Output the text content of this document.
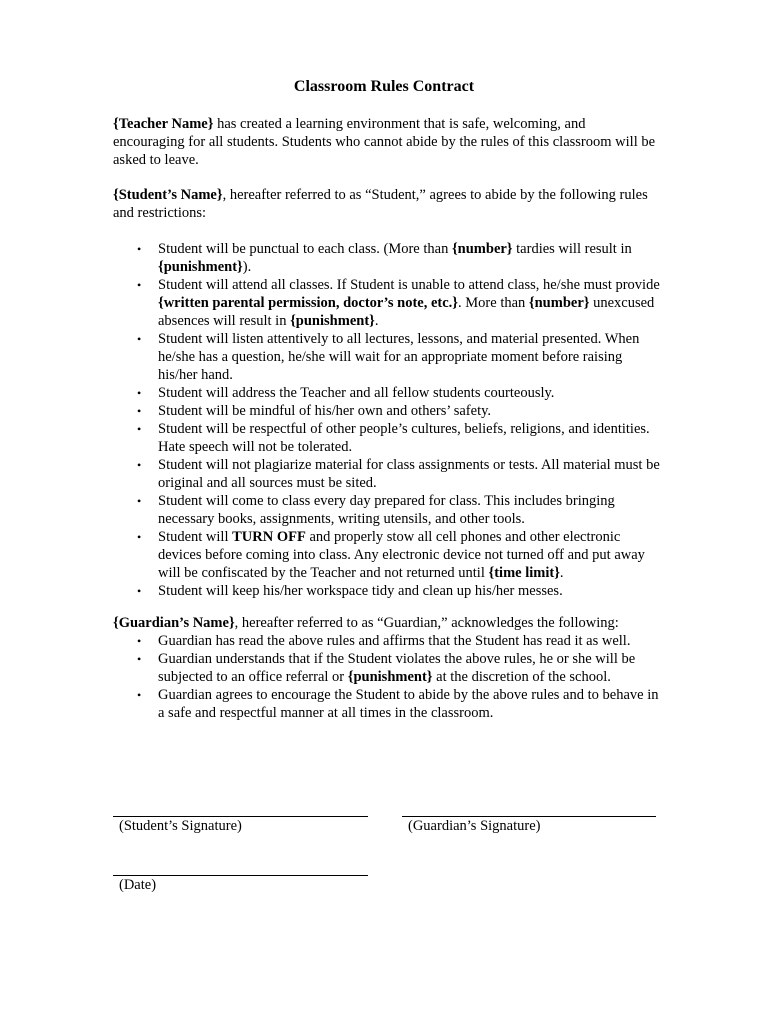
Classroom Rules Contract

{Teacher Name} has created a learning environment that is safe, welcoming, and encouraging for all students. Students who cannot abide by the rules of this classroom will be asked to leave.

{Student’s Name}, hereafter referred to as “Student,” agrees to abide by the following rules and restrictions:

• Student will be punctual to each class. (More than {number} tardies will result in {punishment}).
• Student will attend all classes. If Student is unable to attend class, he/she must provide {written parental permission, doctor’s note, etc.}. More than {number} unexcused absences will result in {punishment}.
• Student will listen attentively to all lectures, lessons, and material presented. When he/she has a question, he/she will wait for an appropriate moment before raising his/her hand.
• Student will address the Teacher and all fellow students courteously.
• Student will be mindful of his/her own and others’ safety.
• Student will be respectful of other people’s cultures, beliefs, religions, and identities. Hate speech will not be tolerated.
• Student will not plagiarize material for class assignments or tests. All material must be original and all sources must be sited.
• Student will come to class every day prepared for class. This includes bringing necessary books, assignments, writing utensils, and other tools.
• Student will TURN OFF and properly stow all cell phones and other electronic devices before coming into class. Any electronic device not turned off and put away will be confiscated by the Teacher and not returned until {time limit}.
• Student will keep his/her workspace tidy and clean up his/her messes.

{Guardian’s Name}, hereafter referred to as “Guardian,” acknowledges the following:

• Guardian has read the above rules and affirms that the Student has read it as well.
• Guardian understands that if the Student violates the above rules, he or she will be subjected to an office referral or {punishment} at the discretion of the school.
• Guardian agrees to encourage the Student to abide by the above rules and to behave in a safe and respectful manner at all times in the classroom.
(Student’s Signature)	(Guardian’s Signature)
(Date)
